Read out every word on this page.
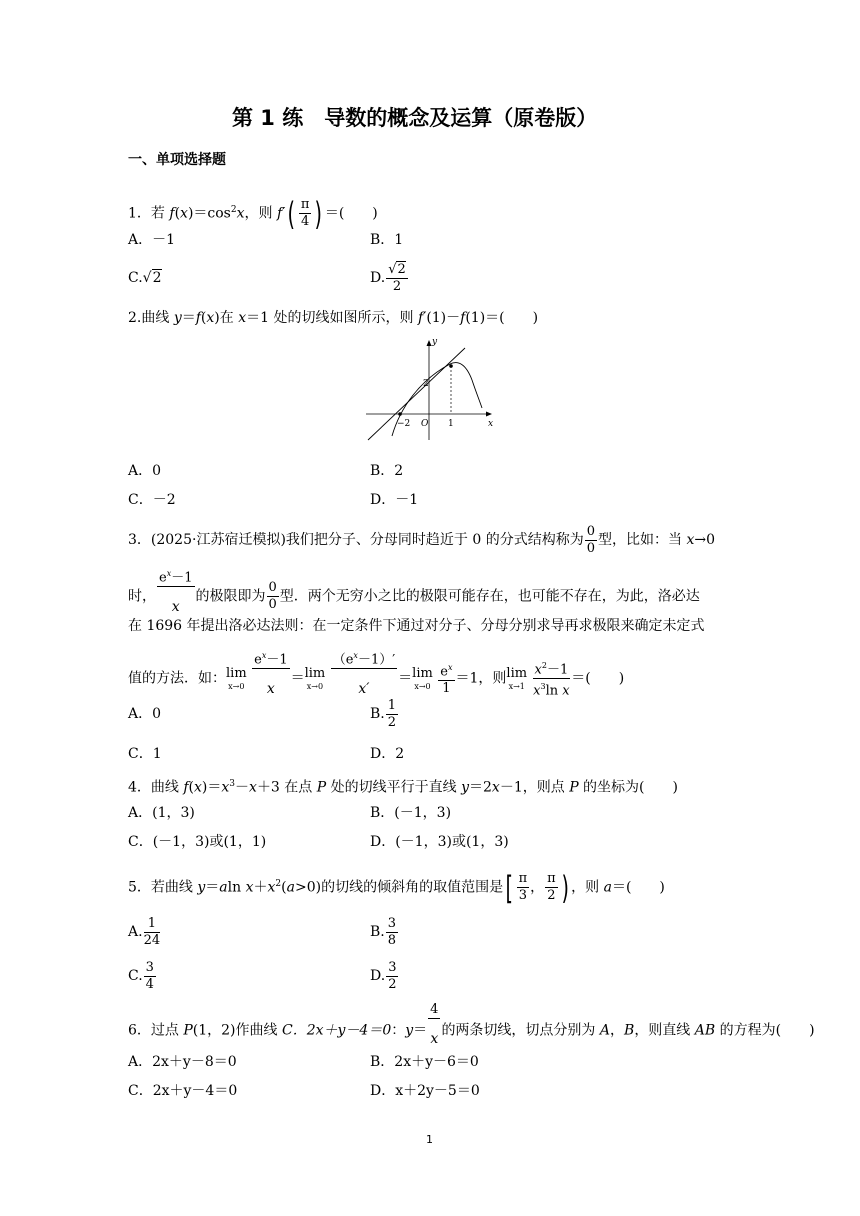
第 1 练　导数的概念及运算（原卷版）
一、单项选择题
1．若 $f(x)=\cos^2x$，则 $f'( \frac{\pi}{4}$ ) ＝(　　)
A．－1	B．1
C.√2	D. $\frac{√2}{2}$
2.曲线 y＝f(x)在 x＝1 处的切线如图所示，则 f′(1)－f(1)＝(　　)
y
x
O
2
−2	1
A．0	B．2
C．－2	D．－1
3．(2025·江苏宿迁模拟)我们把分子、分母同时趋近于 0 的分式结构称为 $\frac{0}{0}$ 型，比如：当 x→0
时， $\frac{e^x-1}{x}$的极限即为 $\frac{0}{0}$ 型．两个无穷小之比的极限可能存在，也可能不存在，为此，洛必达
在 1696 年提出洛必达法则：在一定条件下通过对分子、分母分别求导再求极限来确定未定式
值的方法．如： lim
x→0
$\frac{e^x-1}{x}= \lim$
x→0
$\frac{(e^x-1)'}{x'}= \lim$
x→0
$\frac{e^x}{1} =1$，则 lim
x→1
$\frac{x^2-1}{x^3\ln x}$ ＝(　　)
A．0	B. $\frac{1}{2}$
C．1	D．2
4．曲线 $f(x)=x^3-x+3$ 在点 P 处的切线平行于直线 y＝2x－1，则点 P 的坐标为(　　)
A．(1，3)	B．(－1，3)
C．(－1，3)或(1，1)	D．(－1，3)或(1，3)
5．若曲线 y＝aln $x+x^2(a>0)$的切线的倾斜角的取值范围是[ $\frac{\pi}{3}$ ， $\frac{\pi}{2}$ ) ，则 a＝(　　)
A. $\frac{1}{24}$	B. $\frac{3}{8}$
C. $\frac{3}{4}$	D. $\frac{3}{2}$
6．过点 P(1，2)作曲线 C．2x＋y－4＝0：$y= \frac{4}{x}$的两条切线，切点分别为 A，B，则直线 AB 的方程为(　　)
A．2x＋y－8＝0	B．2x＋y－6＝0
C．2x＋y－4＝0	D．x＋2y－5＝0
1
